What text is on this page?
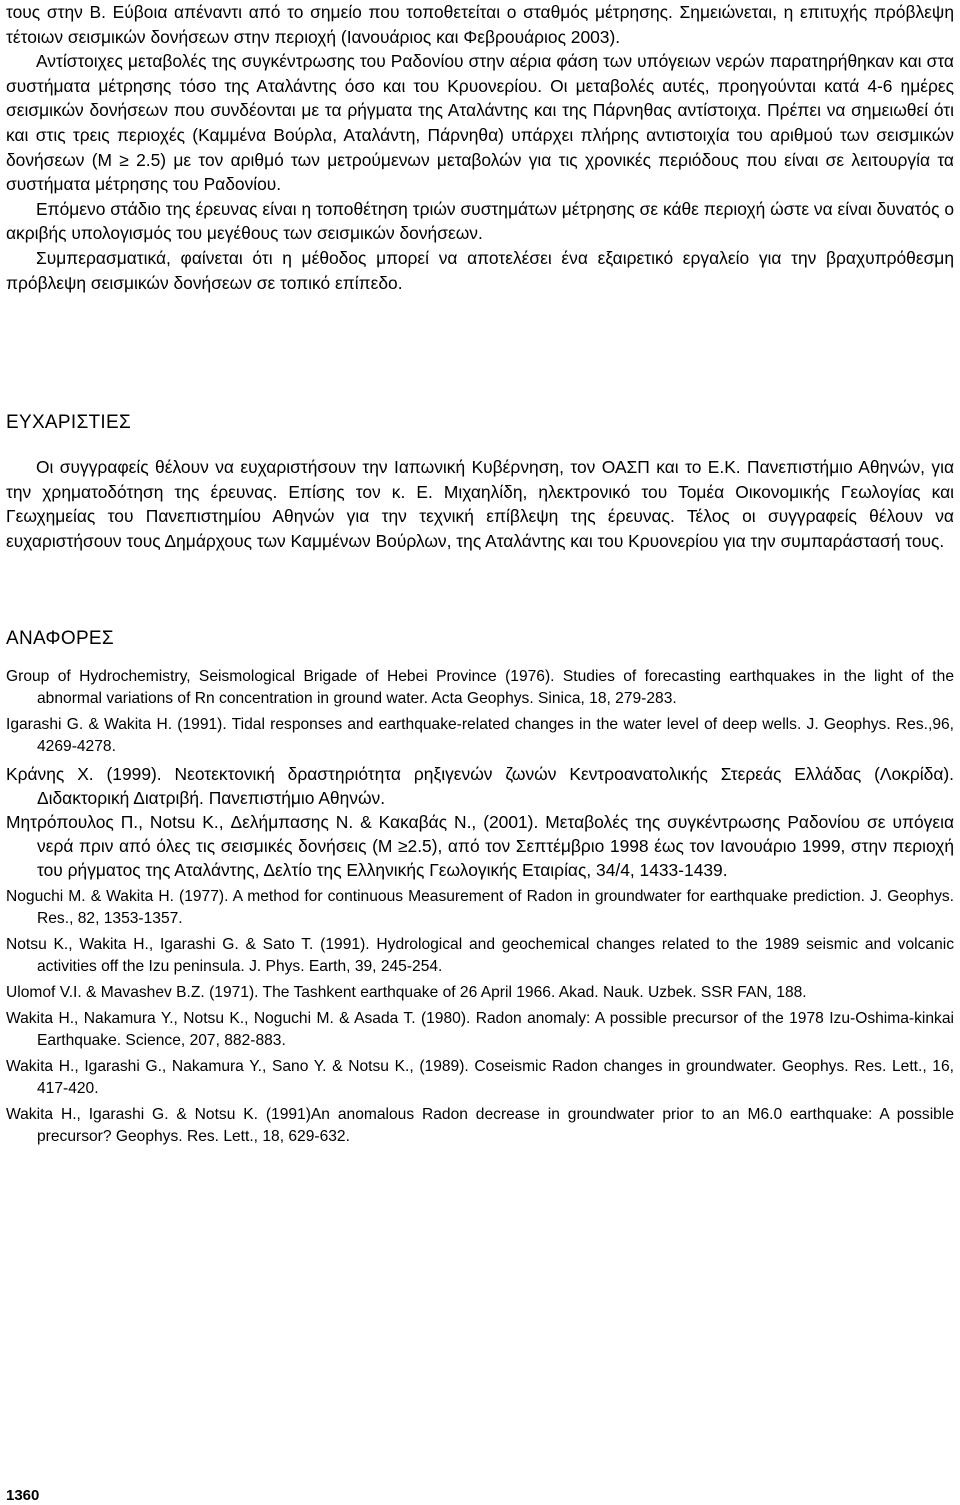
τους στην Β. Εύβοια απέναντι από το σημείο που τοποθετείται ο σταθμός μέτρησης. Σημειώνεται, η επιτυχής πρόβλεψη τέτοιων σεισμικών δονήσεων στην περιοχή (Ιανουάριος και Φεβρουάριος 2003).

Αντίστοιχες μεταβολές της συγκέντρωσης του Ραδονίου στην αέρια φάση των υπόγειων νερών παρατηρήθηκαν και στα συστήματα μέτρησης τόσο της Αταλάντης όσο και του Κρυονερίου. Οι μεταβολές αυτές, προηγούνται κατά 4-6 ημέρες σεισμικών δονήσεων που συνδέονται με τα ρήγματα της Αταλάντης και της Πάρνηθας αντίστοιχα. Πρέπει να σημειωθεί ότι και στις τρεις περιοχές (Καμμένα Βούρλα, Αταλάντη, Πάρνηθα) υπάρχει πλήρης αντιστοιχία του αριθμού των σεισμικών δονήσεων (Μ ≥ 2.5) με τον αριθμό των μετρούμενων μεταβολών για τις χρονικές περιόδους που είναι σε λειτουργία τα συστήματα μέτρησης του Ραδονίου.

Επόμενο στάδιο της έρευνας είναι η τοποθέτηση τριών συστημάτων μέτρησης σε κάθε περιοχή ώστε να είναι δυνατός ο ακριβής υπολογισμός του μεγέθους των σεισμικών δονήσεων.

Συμπερασματικά, φαίνεται ότι η μέθοδος μπορεί να αποτελέσει ένα εξαιρετικό εργαλείο για την βραχυπρόθεσμη πρόβλεψη σεισμικών δονήσεων σε τοπικό επίπεδο.

ΕΥΧΑΡΙΣΤΙΕΣ

Οι συγγραφείς θέλουν να ευχαριστήσουν την Ιαπωνική Κυβέρνηση, τον ΟΑΣΠ και το Ε.Κ. Πανεπιστήμιο Αθηνών, για την χρηματοδότηση της έρευνας. Επίσης τον κ. Ε. Μιχαηλίδη, ηλεκτρονικό του Τομέα Οικονομικής Γεωλογίας και Γεωχημείας του Πανεπιστημίου Αθηνών για την τεχνική επίβλεψη της έρευνας. Τέλος οι συγγραφείς θέλουν να ευχαριστήσουν τους Δημάρχους των Καμμένων Βούρλων, της Αταλάντης και του Κρυονερίου για την συμπαράστασή τους.

ΑΝΑΦΟΡΕΣ
Group of Hydrochemistry, Seismological Brigade of Hebei Province (1976). Studies of forecasting earthquakes in the light of the abnormal variations of Rn concentration in ground water. Acta Geophys. Sinica, 18, 279-283.
Igarashi G. & Wakita H. (1991). Tidal responses and earthquake-related changes in the water level of deep wells. J. Geophys. Res.,96, 4269-4278.
Κράνης Χ. (1999). Νεοτεκτονική δραστηριότητα ρηξιγενών ζωνών Κεντροανατολικής Στερεάς Ελλάδας (Λοκρίδα). Διδακτορική Διατριβή. Πανεπιστήμιο Αθηνών.
Μητρόπουλος Π., Notsu K., Δελήμπασης Ν. & Κακαβάς Ν., (2001). Μεταβολές της συγκέντρωσης Ραδονίου σε υπόγεια νερά πριν από όλες τις σεισμικές δονήσεις (Μ ≥2.5), από τον Σεπτέμβριο 1998 έως τον Ιανουάριο 1999, στην περιοχή του ρήγματος της Αταλάντης, Δελτίο της Ελληνικής Γεωλογικής Εταιρίας, 34/4, 1433-1439.
Noguchi M. & Wakita H. (1977). A method for continuous Measurement of Radon in groundwater for earthquake prediction. J. Geophys. Res., 82, 1353-1357.
Notsu K., Wakita H., Igarashi G. & Sato T. (1991). Hydrological and geochemical changes related to the 1989 seismic and volcanic activities off the Izu peninsula. J. Phys. Earth, 39, 245-254.
Ulomof V.I. & Mavashev B.Z. (1971). The Tashkent earthquake of 26 April 1966. Akad. Nauk. Uzbek. SSR FAN, 188.
Wakita H., Nakamura Y., Notsu K., Noguchi M. & Asada T. (1980). Radon anomaly: A possible precursor of the 1978 Izu-Oshima-kinkai Earthquake. Science, 207, 882-883.
Wakita H., Igarashi G., Nakamura Y., Sano Y. & Notsu K., (1989). Coseismic Radon changes in groundwater. Geophys. Res. Lett., 16, 417-420.
Wakita H., Igarashi G. & Notsu K. (1991)An anomalous Radon decrease in groundwater prior to an M6.0 earthquake: A possible precursor? Geophys. Res. Lett., 18, 629-632.
1360
